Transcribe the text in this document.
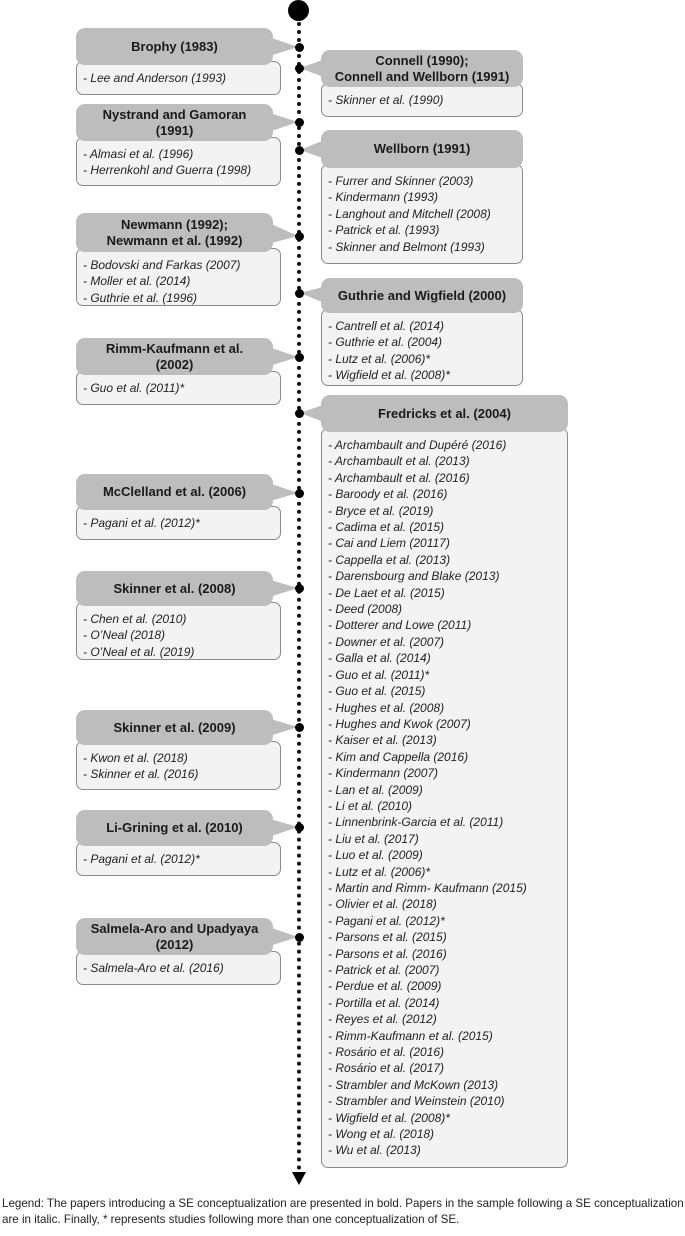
- Lee and Anderson (1993)
Brophy (1983)
- Skinner et al. (1990)
Connell (1990);
Connell and Wellborn (1991)
- Almasi et al. (1996)
- Herrenkohl and Guerra (1998)
Nystrand and Gamoran
(1991)
- Furrer and Skinner (2003)
- Kindermann (1993)
- Langhout and Mitchell (2008)
- Patrick et al. (1993)
- Skinner and Belmont (1993)
Wellborn (1991)
- Bodovski and Farkas (2007)
- Moller et al. (2014)
- Guthrie et al. (1996)
Newmann (1992);
Newmann et al. (1992)
- Cantrell et al. (2014)
- Guthrie et al. (2004)
- Lutz et al. (2006)*
- Wigfield et al. (2008)*
Guthrie and Wigfield (2000)
- Guo et al. (2011)*
Rimm-Kaufmann et al.
(2002)
- Archambault and Dupéré (2016)
- Archambault et al. (2013)
- Archambault et al. (2016)
- Baroody et al. (2016)
- Bryce et al. (2019)
- Cadima et al. (2015)
- Cai and Liem (20117)
- Cappella et al. (2013)
- Darensbourg and Blake (2013)
- De Laet et al. (2015)
- Deed (2008)
- Dotterer and Lowe (2011)
- Downer et al. (2007)
- Galla et al. (2014)
- Guo et al. (2011)*
- Guo et al. (2015)
- Hughes et al. (2008)
- Hughes and Kwok (2007)
- Kaiser et al. (2013)
- Kim and Cappella (2016)
- Kindermann (2007)
- Lan et al. (2009)
- Li et al. (2010)
- Linnenbrink-Garcia et al. (2011)
- Liu et al. (2017)
- Luo et al. (2009)
- Lutz et al. (2006)*
- Martin and Rimm- Kaufmann (2015)
- Olivier et al. (2018)
- Pagani et al. (2012)*
- Parsons et al. (2015)
- Parsons et al. (2016)
- Patrick et al. (2007)
- Perdue et al. (2009)
- Portilla et al. (2014)
- Reyes et al. (2012)
- Rimm-Kaufmann et al. (2015)
- Rosário et al. (2016)
- Rosário et al. (2017)
- Strambler and McKown (2013)
- Strambler and Weinstein (2010)
- Wigfield et al. (2008)*
- Wong et al. (2018)
- Wu et al. (2013)
Fredricks et al. (2004)
- Pagani et al. (2012)*
McClelland et al. (2006)
- Chen et al. (2010)
- O’Neal (2018)
- O’Neal et al. (2019)
Skinner et al. (2008)
- Kwon et al. (2018)
- Skinner et al. (2016)
Skinner et al. (2009)
- Pagani et al. (2012)*
Li-Grining et al. (2010)
- Salmela-Aro et al. (2016)
Salmela-Aro and Upadyaya
(2012)
Legend: The papers introducing a SE conceptualization are presented in bold. Papers in the sample following a SE conceptualization are in italic. Finally, * represents studies following more than one conceptualization of SE.
